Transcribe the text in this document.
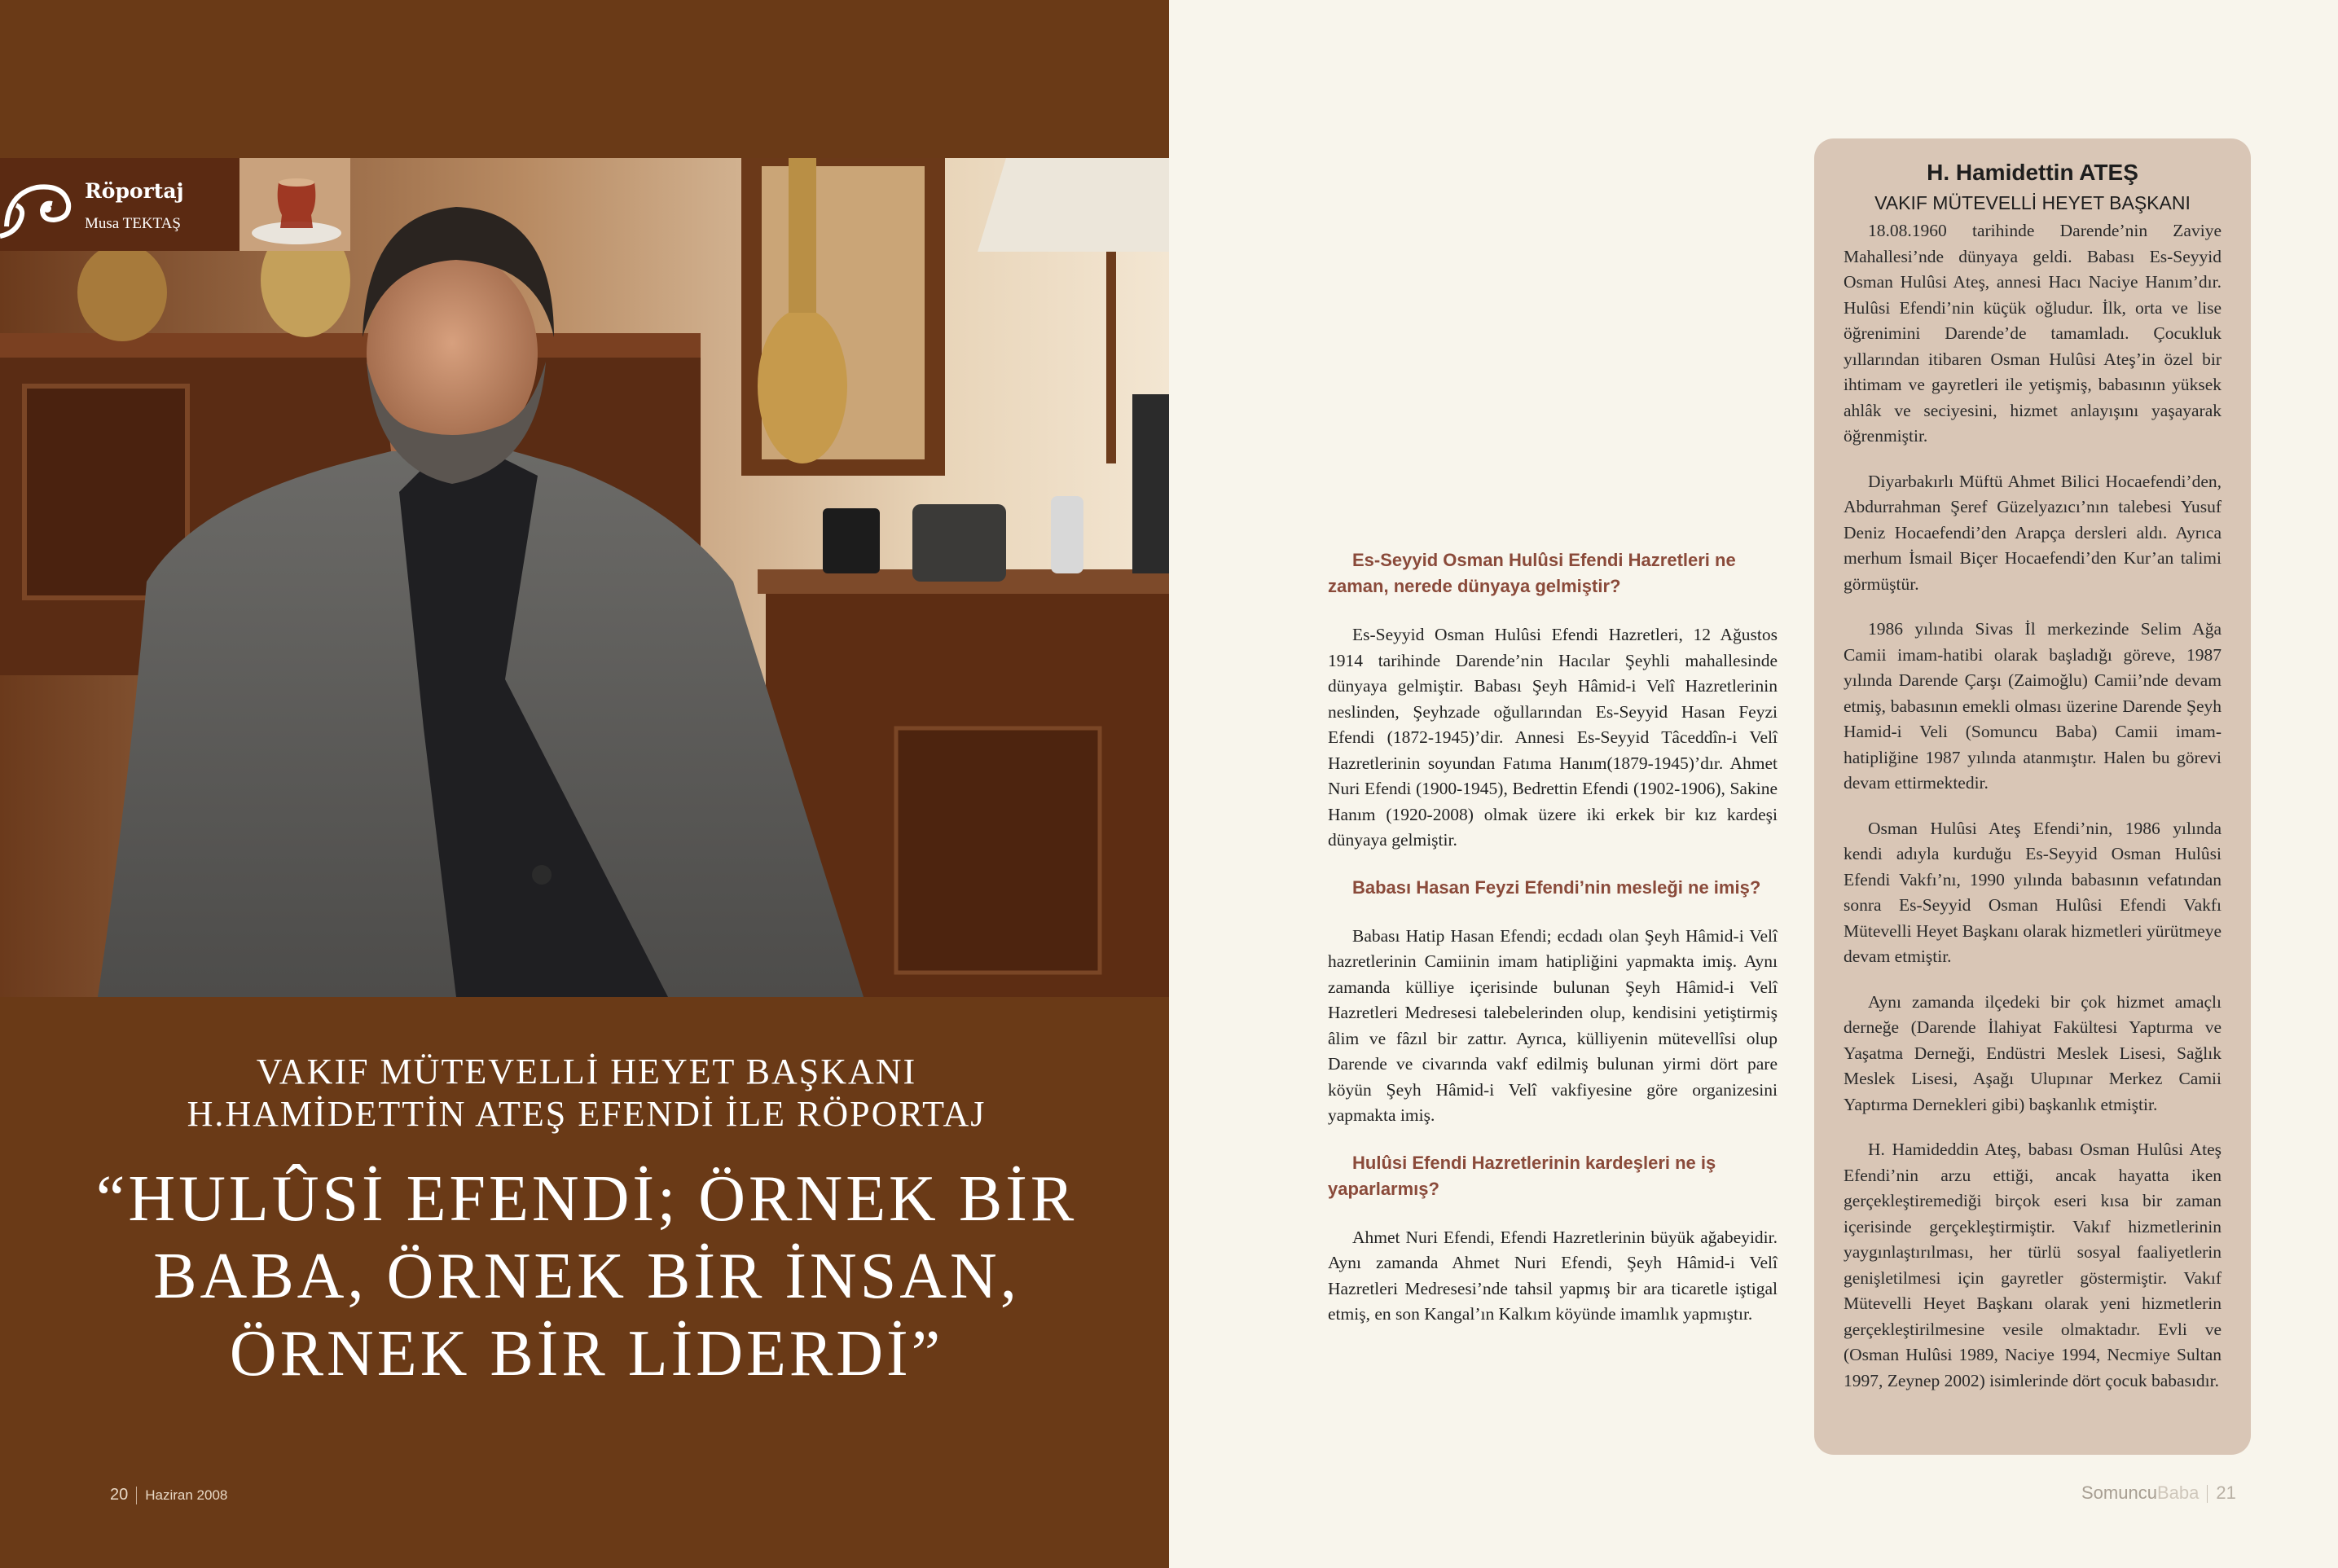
Röportaj
Musa TEKTAŞ
VAKIF MÜTEVELLİ HEYET BAŞKANI
H.HAMİDETTİN ATEŞ EFENDİ İLE RÖPORTAJ
“HULÛSİ EFENDİ; ÖRNEK BİR
BABA, ÖRNEK BİR İNSAN,
ÖRNEK BİR LİDERDİ”
20 Haziran 2008
Es-Seyyid Osman Hulûsi Efendi Hazretleri ne zaman, nerede dünyaya gelmiştir?
Es-Seyyid Osman Hulûsi Efendi Hazretleri, 12 Ağustos 1914 tarihinde Darende’nin Hacılar Şeyhli mahallesinde dünyaya gelmiştir. Babası Şeyh Hâmid-i Velî Hazretlerinin neslinden, Şeyhzade oğullarından Es-Seyyid Hasan Feyzi Efendi (1872-1945)’dir. Annesi Es-Seyyid Tâceddîn-i Velî Hazretlerinin soyundan Fatıma Hanım(1879-1945)’dır. Ahmet Nuri Efendi (1900-1945), Bedrettin Efendi (1902-1906), Sakine Hanım (1920-2008) olmak üzere iki erkek bir kız kardeşi dünyaya gelmiştir.
Babası Hasan Feyzi Efendi’nin mesleği ne imiş?
Babası Hatip Hasan Efendi; ecdadı olan Şeyh Hâmid-i Velî hazretlerinin Camiinin imam hatipliğini yapmakta imiş. Aynı zamanda külliye içerisinde bulunan Şeyh Hâmid-i Velî Hazretleri Medresesi talebelerinden olup, kendisini yetiştirmiş âlim ve fâzıl bir zattır. Ayrıca, külliyenin mütevellîsi olup Darende ve civarında vakf edilmiş bulunan yirmi dört pare köyün Şeyh Hâmid-i Velî vakfiyesine göre organizesini yapmakta imiş.
Hulûsi Efendi Hazretlerinin kardeşleri ne iş yaparlarmış?
Ahmet Nuri Efendi, Efendi Hazretlerinin büyük ağabeyidir. Aynı zamanda Ahmet Nuri Efendi, Şeyh Hâmid-i Velî Hazretleri Medresesi’nde tahsil yapmış bir ara ticaretle iştigal etmiş, en son Kangal’ın Kalkım köyünde imamlık yapmıştır.
H. Hamidettin ATEŞ
VAKIF MÜTEVELLİ HEYET BAŞKANI
18.08.1960 tarihinde Darende’nin Zaviye Mahallesi’nde dünyaya geldi. Babası Es-Seyyid Osman Hulûsi Ateş, annesi Hacı Naciye Hanım’dır. Hulûsi Efendi’nin küçük oğludur. İlk, orta ve lise öğrenimini Darende’de tamamladı. Çocukluk yıllarından itibaren Osman Hulûsi Ateş’in özel bir ihtimam ve gayretleri ile yetişmiş, babasının yüksek ahlâk ve seciyesini, hizmet anlayışını yaşayarak öğrenmiştir.
Diyarbakırlı Müftü Ahmet Bilici Hocaefendi’den, Abdurrahman Şeref Güzelyazıcı’nın talebesi Yusuf Deniz Hocaefendi’den Arapça dersleri aldı. Ayrıca merhum İsmail Biçer Hocaefendi’den Kur’an talimi görmüştür.
1986 yılında Sivas İl merkezinde Selim Ağa Camii imam-hatibi olarak başladığı göreve, 1987 yılında Darende Çarşı (Zaimoğlu) Camii’nde devam etmiş, babasının emekli olması üzerine Darende Şeyh Hamid-i Veli (Somuncu Baba) Camii imam-hatipliğine 1987 yılında atanmıştır. Halen bu görevi devam ettirmektedir.
Osman Hulûsi Ateş Efendi’nin, 1986 yılında kendi adıyla kurduğu Es-Seyyid Osman Hulûsi Efendi Vakfı’nı, 1990 yılında babasının vefatından sonra Es-Seyyid Osman Hulûsi Efendi Vakfı Mütevelli Heyet Başkanı olarak hizmetleri yürütmeye devam etmiştir.
Aynı zamanda ilçedeki bir çok hizmet amaçlı derneğe (Darende İlahiyat Fakültesi Yaptırma ve Yaşatma Derneği, Endüstri Meslek Lisesi, Sağlık Meslek Lisesi, Aşağı Ulupınar Merkez Camii Yaptırma Dernekleri gibi) başkanlık etmiştir.
H. Hamideddin Ateş, babası Osman Hulûsi Ateş Efendi’nin arzu ettiği, ancak hayatta iken gerçekleştiremediği birçok eseri kısa bir zaman içerisinde gerçekleştirmiştir. Vakıf hizmetlerinin yaygınlaştırılması, her türlü sosyal faaliyetlerin genişletilmesi için gayretler göstermiştir. Vakıf Mütevelli Heyet Başkanı olarak yeni hizmetlerin gerçekleştirilmesine vesile olmaktadır. Evli ve (Osman Hulûsi 1989, Naciye 1994, Necmiye Sultan 1997, Zeynep 2002) isimlerinde dört çocuk babasıdır.
SomuncuBaba 21
